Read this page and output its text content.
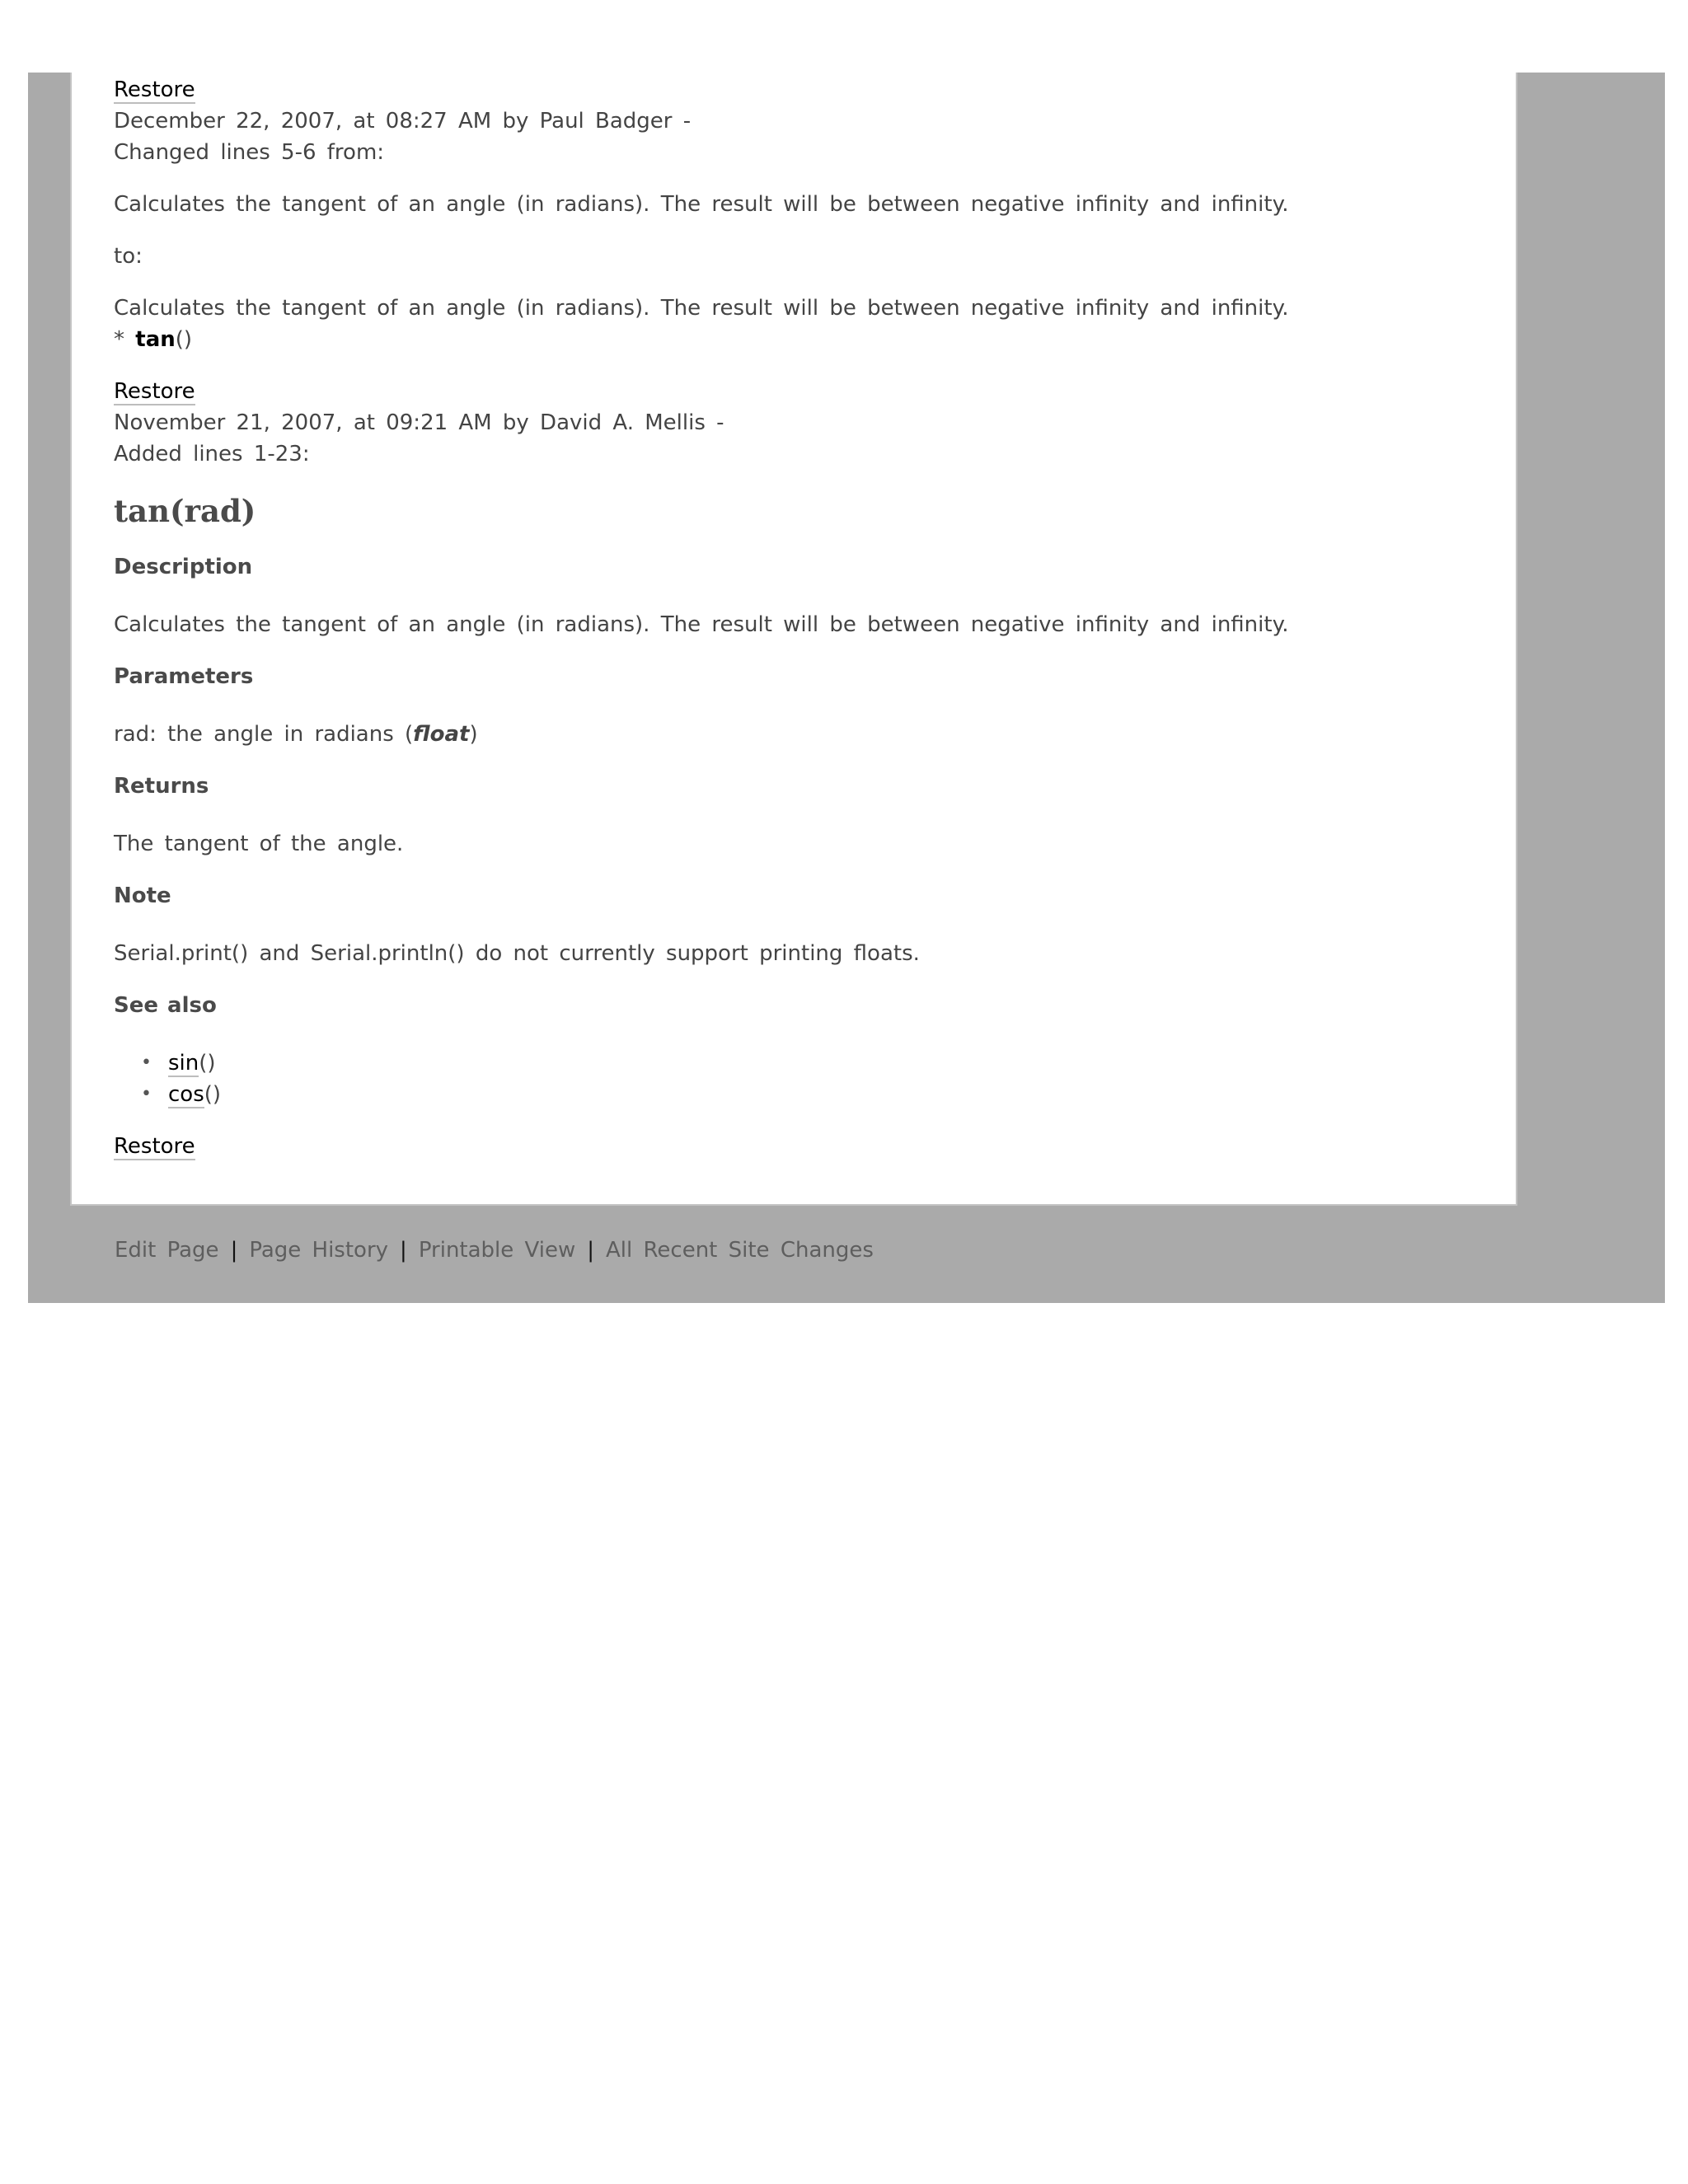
Restore
December 22, 2007, at 08:27 AM by Paul Badger -
Changed lines 5-6 from:

Calculates the tangent of an angle (in radians). The result will be between negative infinity and infinity.

to:

Calculates the tangent of an angle (in radians). The result will be between negative infinity and infinity.
* tan()

Restore
November 21, 2007, at 09:21 AM by David A. Mellis -
Added lines 1-23:
tan(rad)
Description

Calculates the tangent of an angle (in radians). The result will be between negative infinity and infinity.

Parameters

rad: the angle in radians (float)

Returns

The tangent of the angle.

Note

Serial.print() and Serial.println() do not currently support printing floats.

See also
• sin()
• cos()
Restore
Edit Page | Page History | Printable View | All Recent Site Changes
